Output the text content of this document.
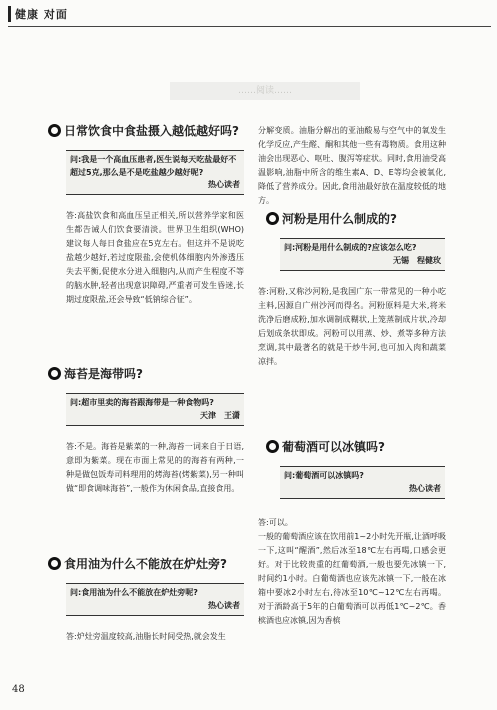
健康 对面
……阅读……
日常饮食中食盐摄入越低越好吗?
问:我是一个高血压患者,医生说每天吃盐最好不超过5克,那么是不是吃盐越少越好呢?
热心读者
答:高盐饮食和高血压呈正相关,所以营养学家和医生都告诫人们饮食要清淡。世界卫生组织(WHO)建议每人每日食盐应在5克左右。但这并不是说吃盐越少越好,若过度限盐,会使机体细胞内外渗透压失去平衡,促使水分进入细胞内,从而产生程度不等的脑水肿,轻者出现意识障碍,严重者可发生昏迷,长期过度限盐,还会导致“低钠综合征”。
海苔是海带吗?
问:超市里卖的海苔跟海带是一种食物吗?
天津　王潇
答:不是。海苔是紫菜的一种,海苔一词来自于日语,意即为紫菜。现在市面上常见的的海苔有两种,一种是做包饭寿司料理用的烤海苔(烤紫菜),另一种叫做“即食调味海苔”,一般作为休闲食品,直接食用。
食用油为什么不能放在炉灶旁?
问:食用油为什么不能放在炉灶旁呢?
热心读者
答:炉灶旁温度较高,油脂长时间受热,就会发生
分解变质。油脂分解出的亚油酸易与空气中的氧发生化学反应,产生醛、酮和其他一些有毒物质。食用这种油会出现恶心、呕吐、腹泻等症状。同时,食用油受高温影响,油脂中所含的维生素A、D、E等均会被氧化,降低了营养成分。因此,食用油最好放在温度较低的地方。
河粉是用什么制成的?
问:河粉是用什么制成的?应该怎么吃?
无锡　程健玫
答:河粉,又称沙河粉,是我国广东一带常见的一种小吃主料,因源自广州沙河而得名。河粉原料是大米,将米洗净后磨成粉,加水调制成糊状,上笼蒸制成片状,冷却后划成条状即成。河粉可以用蒸、炒、煮等多种方法烹调,其中最著名的就是干炒牛河,也可加入肉和蔬菜凉拌。
葡萄酒可以冰镇吗?
问:葡萄酒可以冰镇吗?
热心读者
答:可以。
一般的葡萄酒应该在饮用前1~2小时先开瓶,让酒呼吸一下,这叫“醒酒”,然后冰至18℃左右再喝,口感会更好。对于比较贵重的红葡萄酒,一般也要先冰镇一下,时间约1小时。白葡萄酒也应该先冰镇一下,一般在冰箱中要冰2小时左右,待冰至10℃~12℃左右再喝。对于酒龄高于5年的白葡萄酒可以再低1℃~2℃。香槟酒也应冰镇,因为香槟
48
